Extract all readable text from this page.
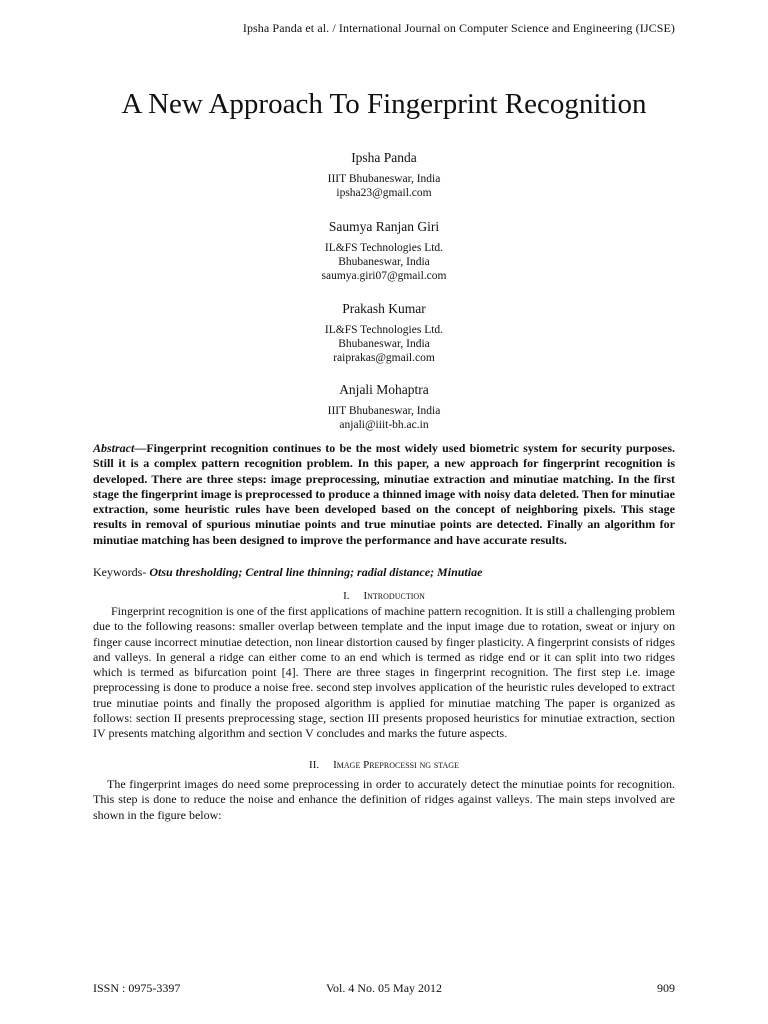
Ipsha Panda et al. / International Journal on Computer Science and Engineering (IJCSE)
A New Approach To Fingerprint Recognition
Ipsha Panda
IIIT Bhubaneswar, India
ipsha23@gmail.com
Saumya Ranjan Giri
IL&FS Technologies Ltd.
Bhubaneswar, India
saumya.giri07@gmail.com
Prakash Kumar
IL&FS Technologies Ltd.
Bhubaneswar, India
raiprakas@gmail.com
Anjali Mohaptra
IIIT Bhubaneswar, India
anjali@iiit-bh.ac.in

Abstract—Fingerprint recognition continues to be the most widely used biometric system for security purposes. Still it is a complex pattern recognition problem. In this paper, a new approach for fingerprint recognition is developed. There are three steps: image preprocessing, minutiae extraction and minutiae matching. In the first stage the fingerprint image is preprocessed to produce a thinned image with noisy data deleted. Then for minutiae extraction, some heuristic rules have been developed based on the concept of neighboring pixels. This stage results in removal of spurious minutiae points and true minutiae points are detected. Finally an algorithm for minutiae matching has been designed to improve the performance and have accurate results.

Keywords- Otsu thresholding; Central line thinning; radial distance; Minutiae
I. Introduction

Fingerprint recognition is one of the first applications of machine pattern recognition. It is still a challenging problem due to the following reasons: smaller overlap between template and the input image due to rotation, sweat or injury on finger cause incorrect minutiae detection, non linear distortion caused by finger plasticity. A fingerprint consists of ridges and valleys. In general a ridge can either come to an end which is termed as ridge end or it can split into two ridges which is termed as bifurcation point [4]. There are three stages in fingerprint recognition. The first step i.e. image preprocessing is done to produce a noise free. second step involves application of the heuristic rules developed to extract true minutiae points and finally the proposed algorithm is applied for minutiae matching The paper is organized as follows: section II presents preprocessing stage, section III presents proposed heuristics for minutiae extraction, section IV presents matching algorithm and section V concludes and marks the future aspects.

II. Image Preprocessi ng stage

The fingerprint images do need some preprocessing in order to accurately detect the minutiae points for recognition. This step is done to reduce the noise and enhance the definition of ridges against valleys. The main steps involved are shown in the figure below:

ISSN : 0975-3397	Vol. 4 No. 05 May 2012	909
